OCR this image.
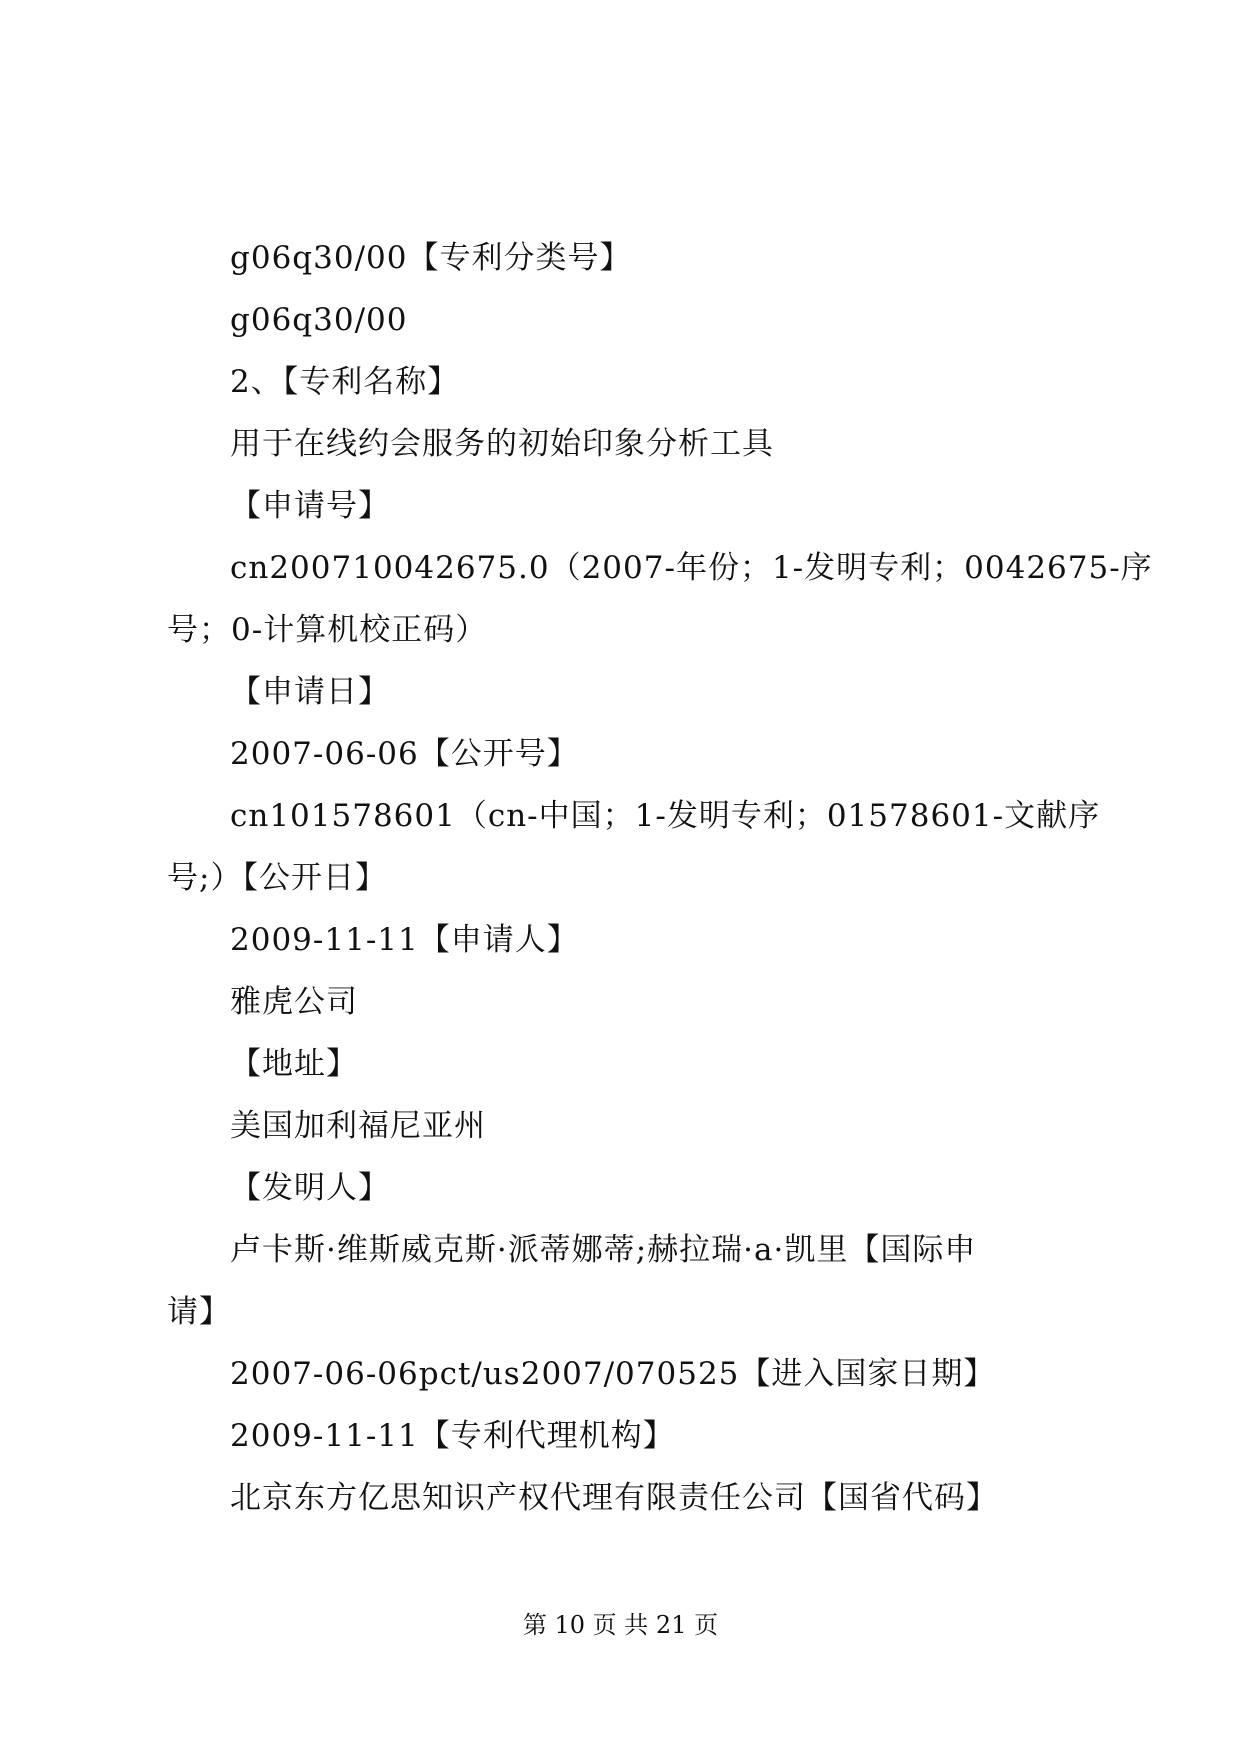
g06q30/00【专利分类号】
g06q30/00
2、【专利名称】
用于在线约会服务的初始印象分析工具
【申请号】
cn200710042675.0（2007-年份；1-发明专利；0042675-序
号；0-计算机校正码）
【申请日】
2007-06-06【公开号】
cn101578601（cn-中国；1-发明专利；01578601-文献序
号;）【公开日】
2009-11-11【申请人】
雅虎公司
【地址】
美国加利福尼亚州
【发明人】
卢卡斯·维斯威克斯·派蒂娜蒂;赫拉瑞·a·凯里【国际申
请】
2007-06-06pct/us2007/070525【进入国家日期】
2009-11-11【专利代理机构】
北京东方亿思知识产权代理有限责任公司【国省代码】
第 10 页 共 21 页
